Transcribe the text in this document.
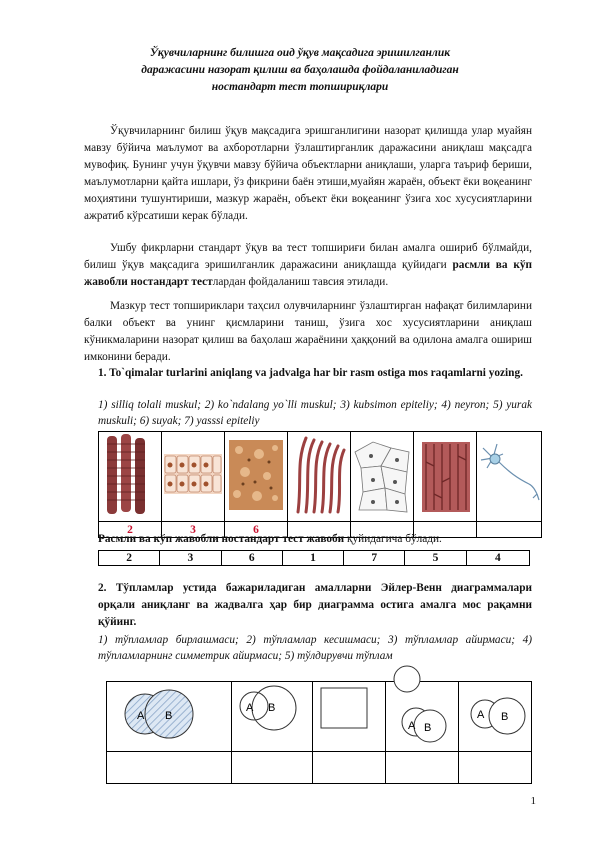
Ўқувчиларнинг билишга оид ўқув мақсадига эришилганлик
даражасини назорат қилиш ва баҳолашда фойдаланиладиган
ностандарт тест топшириқлари
Ўқувчиларнинг билиш ўқув мақсадига эришганлигини назорат қилишда улар муайян мавзу бўйича маълумот ва ахборотларни ўзлаштирганлик даражасини аниқлаш мақсадга мувофиқ. Бунинг учун ўқувчи мавзу бўйича объектларни аниқлаши, уларга таъриф бериши, маълумотларни қайта ишлари, ўз фикрини баён этиши,муайян жараён, объект ёки воқеанинг моҳиятини тушунтириши, мазкур жараён, объект ёки воқеанинг ўзига хос хусусиятларини ажратиб кўрсатиши керак бўлади.
Ушбу фикрларни стандарт ўқув ва тест топшириғи билан амалга ошириб бўлмайди, билиш ўқув мақсадига эришилганлик даражасини аниқлашда қуйидаги расмли ва кўп жавобли ностандарт тестлардан фойдаланиш тавсия этилади.
Мазкур тест топшириклари таҳсил олувчиларнинг ўзлаштирган нафақат билимларини балки объект ва унинг қисмларини таниш, ўзига хос хусусиятларини аниқлаш кўникмаларини назорат қилиш ва баҳолаш жараёнини ҳаққоний ва одилона амалга ошириш имконини беради.
1. To`qimalar turlarini aniqlang va jadvalga har bir rasm ostiga mos raqamlarni yozing.
1) silliq tolali muskul; 2) ko`ndalang yo`lli muskul; 3) kubsimon epiteliy; 4) neyron; 5) yurak muskuli; 6) suyak; 7) yasssi epiteliy

2	3	6				
Расмли ва кўп жавобли ностандарт тест жавоби қуйидагича бўлади.
2	3	6	1	7	5	4
2. Тўпламлар устида бажариладиган амалларни Эйлер-Венн диаграммалари орқали аниқланг ва жадвалга ҳар бир диаграмма остига амалга мос рақамни қўйинг.
1) тўпламлар бирлашмаси; 2) тўпламлар кесишмаси; 3) тўпламлар айирмаси; 4) тўпламларнинг симметрик айирмаси; 5) тўлдирувчи тўплам
A B	A B		A B	A B

1
